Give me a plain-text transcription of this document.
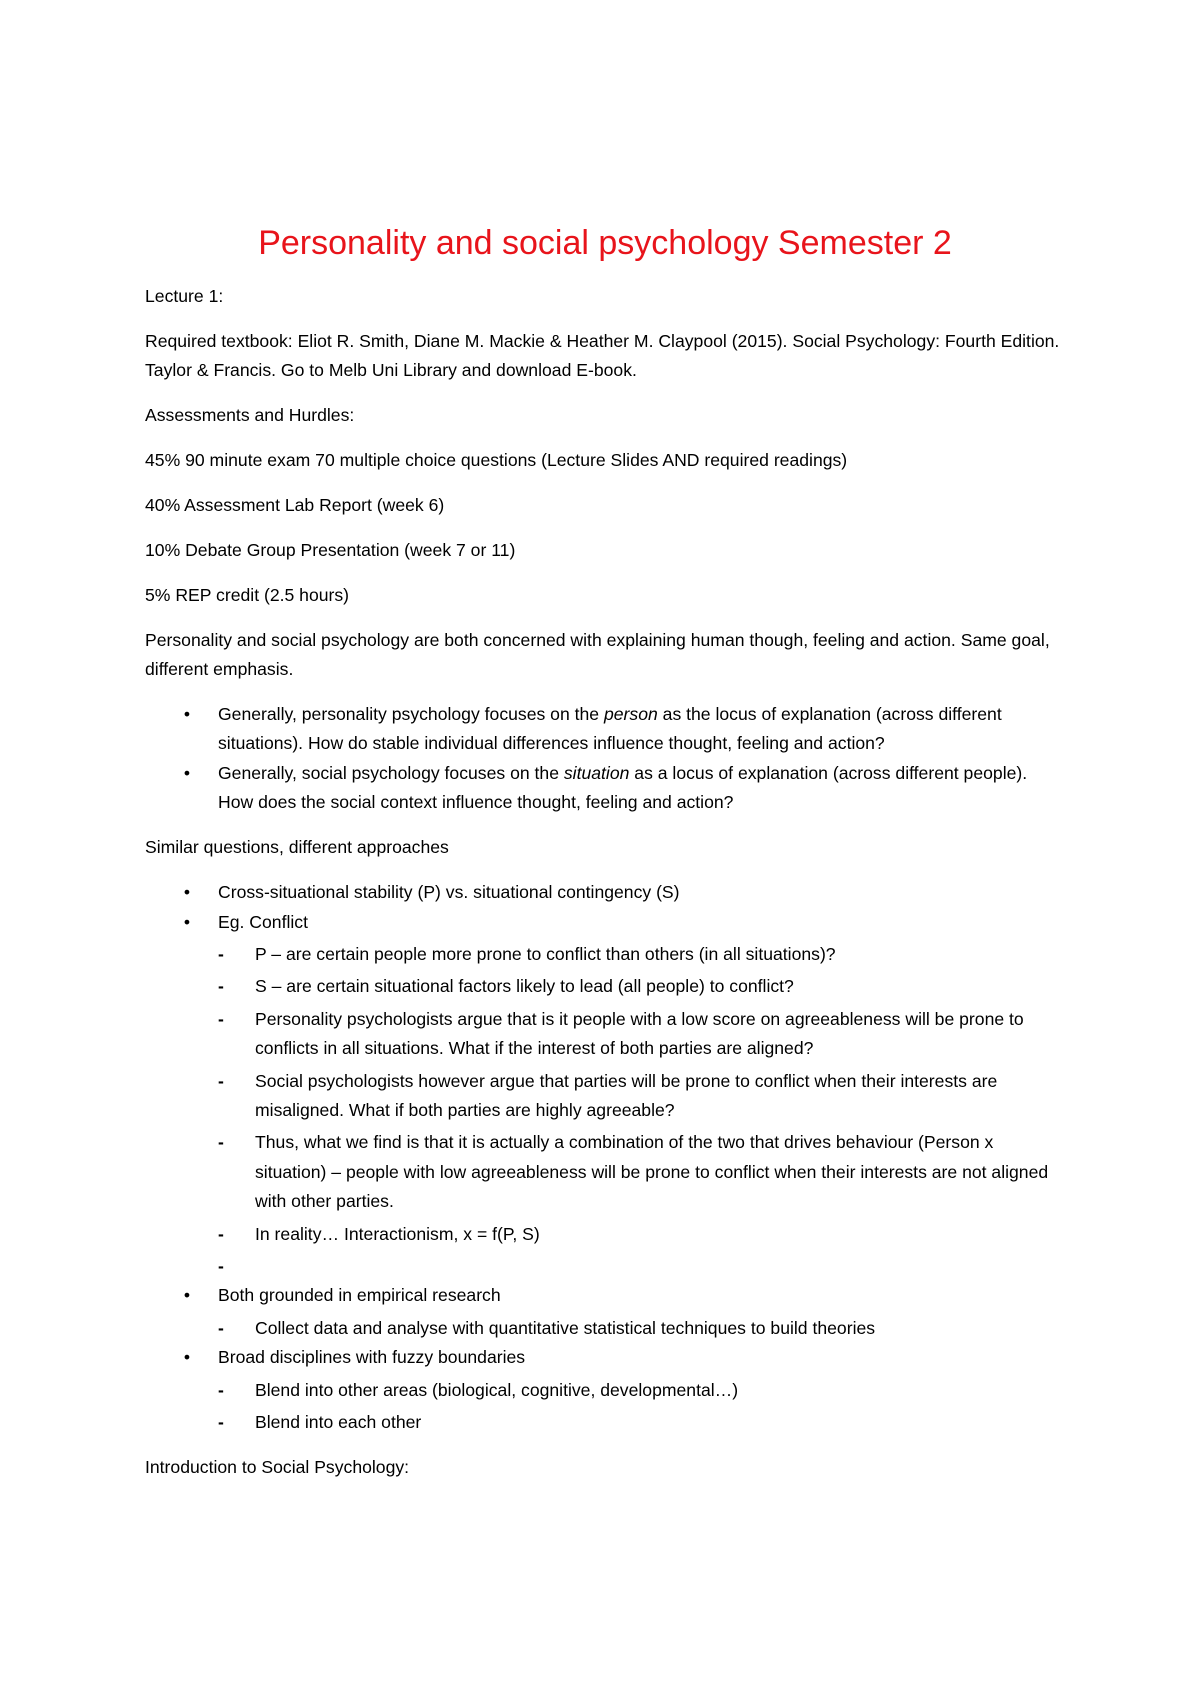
Personality and social psychology Semester 2

Lecture 1:

Required textbook: Eliot R. Smith, Diane M. Mackie & Heather M. Claypool (2015). Social Psychology: Fourth Edition. Taylor & Francis. Go to Melb Uni Library and download E-book.

Assessments and Hurdles:

45% 90 minute exam 70 multiple choice questions (Lecture Slides AND required readings)

40% Assessment Lab Report (week 6)

10% Debate Group Presentation (week 7 or 11)

5% REP credit (2.5 hours)

Personality and social psychology are both concerned with explaining human though, feeling and action. Same goal, different emphasis.

• Generally, personality psychology focuses on the person as the locus of explanation (across different situations). How do stable individual differences influence thought, feeling and action?
• Generally, social psychology focuses on the situation as a locus of explanation (across different people). How does the social context influence thought, feeling and action?

Similar questions, different approaches

• Cross-situational stability (P) vs. situational contingency (S)
• Eg. Conflict
-	P – are certain people more prone to conflict than others (in all situations)?
-	S – are certain situational factors likely to lead (all people) to conflict?
-	Personality psychologists argue that is it people with a low score on agreeableness will be prone to conflicts in all situations. What if the interest of both parties are aligned?
-	Social psychologists however argue that parties will be prone to conflict when their interests are misaligned. What if both parties are highly agreeable?
-	Thus, what we find is that it is actually a combination of the two that drives behaviour (Person x situation) – people with low agreeableness will be prone to conflict when their interests are not aligned with other parties.
-	In reality… Interactionism, x = f(P, S)
-

• Both grounded in empirical research
-	Collect data and analyse with quantitative statistical techniques to build theories
• Broad disciplines with fuzzy boundaries
-	Blend into other areas (biological, cognitive, developmental…)
-	Blend into each other

Introduction to Social Psychology:
